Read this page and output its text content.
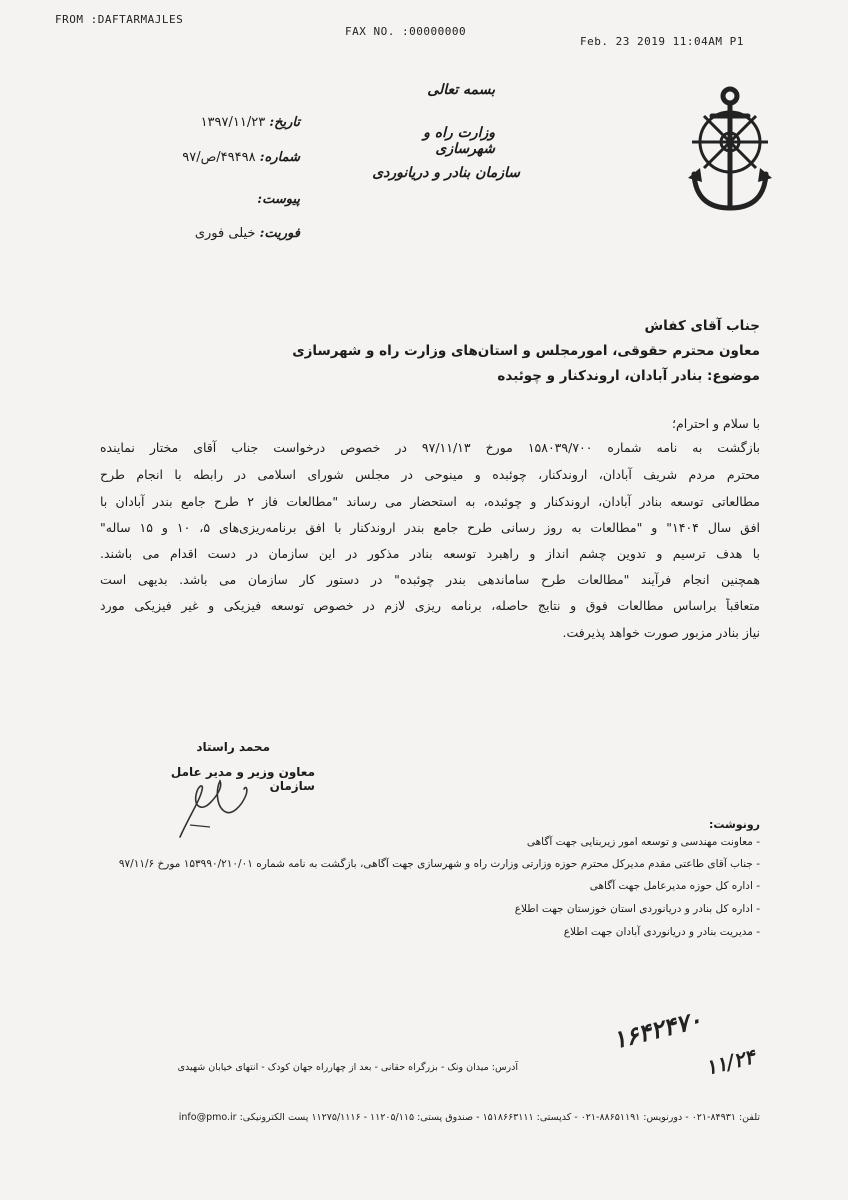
FROM :DAFTARMAJLES
FAX NO. :00000000
Feb. 23 2019 11:04AM P1
بسمه تعالی
وزارت راه و شهرسازی
سازمان بنادر و دریانوردی
تاریخ: ۱۳۹۷/۱۱/۲۳
شماره: ۴۹۴۹۸/ص/۹۷
پیوست:
فوریت: خیلی فوری
جناب آقای کفاش
معاون محترم حقوقی، امورمجلس و استان‌های وزارت راه و شهرسازی
موضوع: بنادر آبادان، اروندکنار و چوئبده
با سلام و احترام؛
بازگشت به نامه شماره ۱۵۸۰۳۹/۷۰۰ مورخ ۹۷/۱۱/۱۳ در خصوص درخواست جناب آقای مختار نماینده
محترم مردم شریف آبادان، اروندکنار، چوئبده و مینوحی در مجلس شورای اسلامی در رابطه با انجام طرح
مطالعاتی توسعه بنادر آبادان، اروندکنار و چوئبده، به استحضار می رساند "مطالعات فاز ۲ طرح جامع بندر آبادان با
افق سال ۱۴۰۴" و "مطالعات به روز رسانی طرح جامع بندر اروندکنار با افق برنامه‌ریزی‌های ۵، ۱۰ و ۱۵ ساله"
با هدف ترسیم و تدوین چشم انداز و راهبرد توسعه بنادر مذکور در این سازمان در دست اقدام می باشند.
همچنین انجام فرآیند "مطالعات طرح ساماندهی بندر چوئبده" در دستور کار سازمان می باشد. بدیهی است
متعاقباً براساس مطالعات فوق و نتایج حاصله، برنامه ریزی لازم در خصوص توسعه فیزیکی و غیر فیزیکی مورد
نیاز بنادر مزبور صورت خواهد پذیرفت.
محمد راستاد
معاون وزیر و مدیر عامل سازمان
رونوشت:
- معاونت مهندسی و توسعه امور زیربنایی جهت آگاهی
- جناب آقای طاعتی مقدم مدیرکل محترم حوزه وزارتی وزارت راه و شهرسازی جهت آگاهی، بازگشت به نامه شماره ۱۵۳۹۹۰/۲۱۰/۰۱ مورخ ۹۷/۱۱/۶
- اداره کل حوزه مدیرعامل جهت آگاهی
- اداره کل بنادر و دریانوردی استان خوزستان جهت اطلاع
- مدیریت بنادر و دریانوردی آبادان جهت اطلاع
۱۶۴۲۴۷۰
۱۱/۲۴
آدرس: میدان ونک - بزرگراه حقانی - بعد از چهارراه جهان کودک - انتهای خیابان شهیدی
تلفن: ۸۴۹۳۱-۰۲۱ - دورنویس: ۸۸۶۵۱۱۹۱-۰۲۱ - کدپستی: ۱۵۱۸۶۶۳۱۱۱ - صندوق پستی: ۱۱۲۰۵/۱۱۵ - ۱۱۲۷۵/۱۱۱۶ پست الکترونیکی: info@pmo.ir
